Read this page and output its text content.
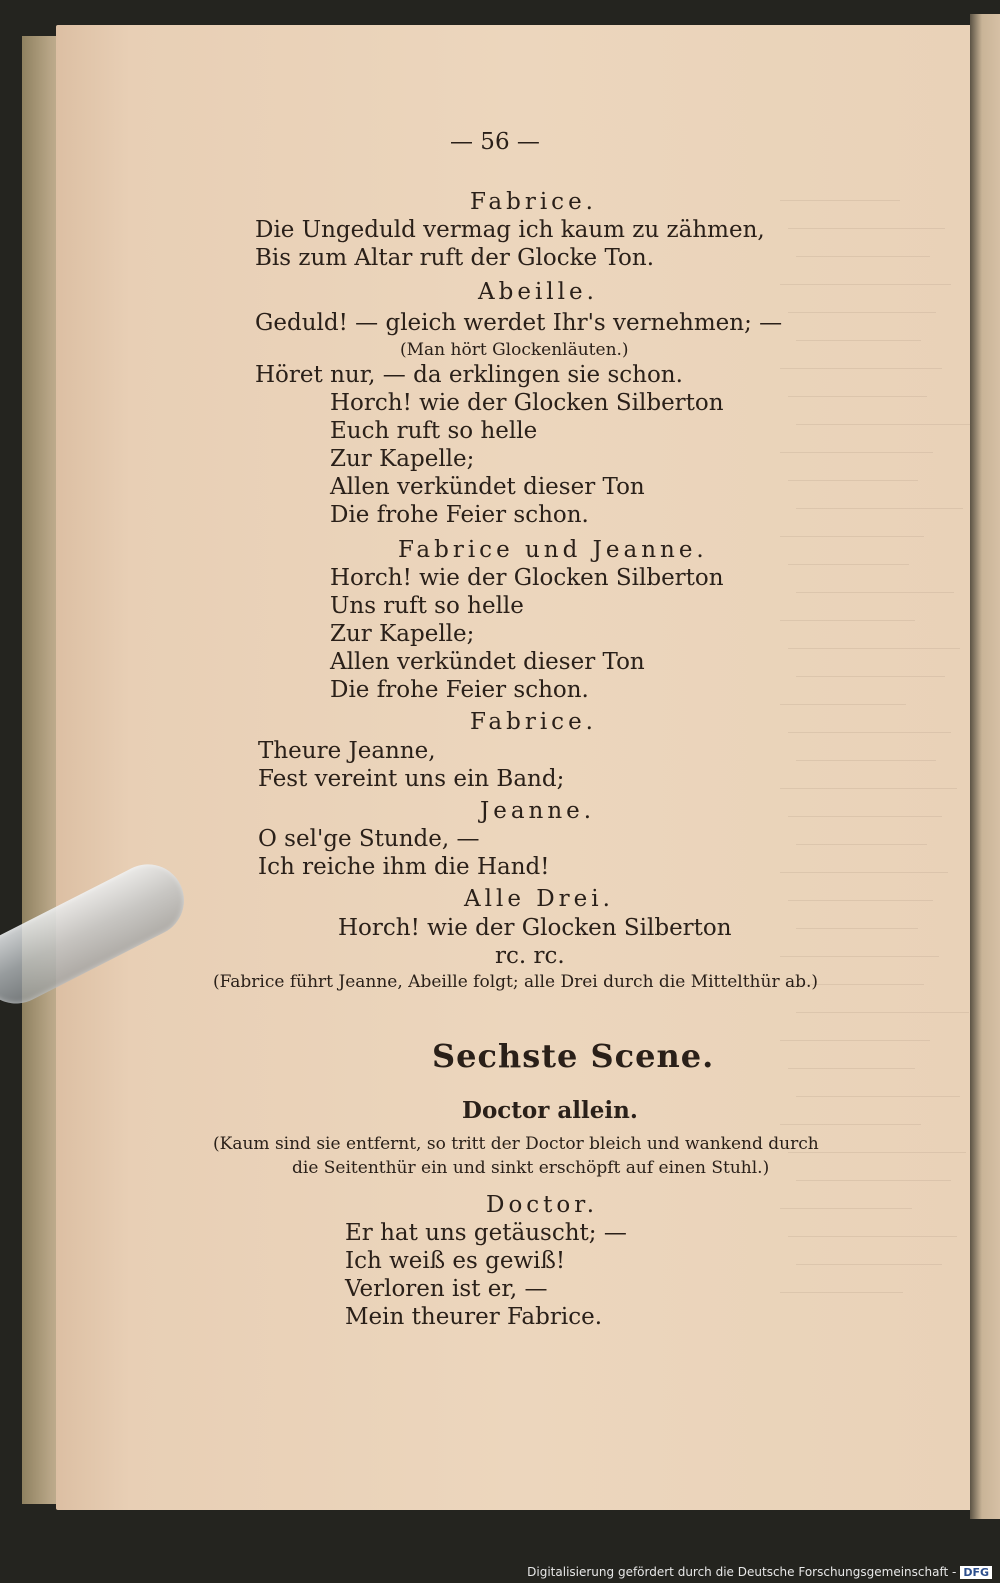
— 56 —
Fabrice.
Die Ungeduld vermag ich kaum zu zähmen,
Bis zum Altar ruft der Glocke Ton.
Abeille.
Geduld! — gleich werdet Ihr's vernehmen; —
(Man hört Glockenläuten.)
Höret nur, — da erklingen sie schon.
Horch! wie der Glocken Silberton
Euch ruft so helle
Zur Kapelle;
Allen verkündet dieser Ton
Die frohe Feier schon.
Fabrice und Jeanne.
Horch! wie der Glocken Silberton
Uns ruft so helle
Zur Kapelle;
Allen verkündet dieser Ton
Die frohe Feier schon.
Fabrice.
Theure Jeanne,
Fest vereint uns ein Band;
Jeanne.
O sel'ge Stunde, —
Ich reiche ihm die Hand!
Alle Drei.
Horch! wie der Glocken Silberton
rc. rc.
(Fabrice führt Jeanne, Abeille folgt; alle Drei durch die Mittelthür ab.)
Sechste Scene.
Doctor allein.
(Kaum sind sie entfernt, so tritt der Doctor bleich und wankend durch
die Seitenthür ein und sinkt erschöpft auf einen Stuhl.)
Doctor.
Er hat uns getäuscht; —
Ich weiß es gewiß!
Verloren ist er, —
Mein theurer Fabrice.
Digitalisierung gefördert durch die Deutsche Forschungsgemeinschaft - DFG
